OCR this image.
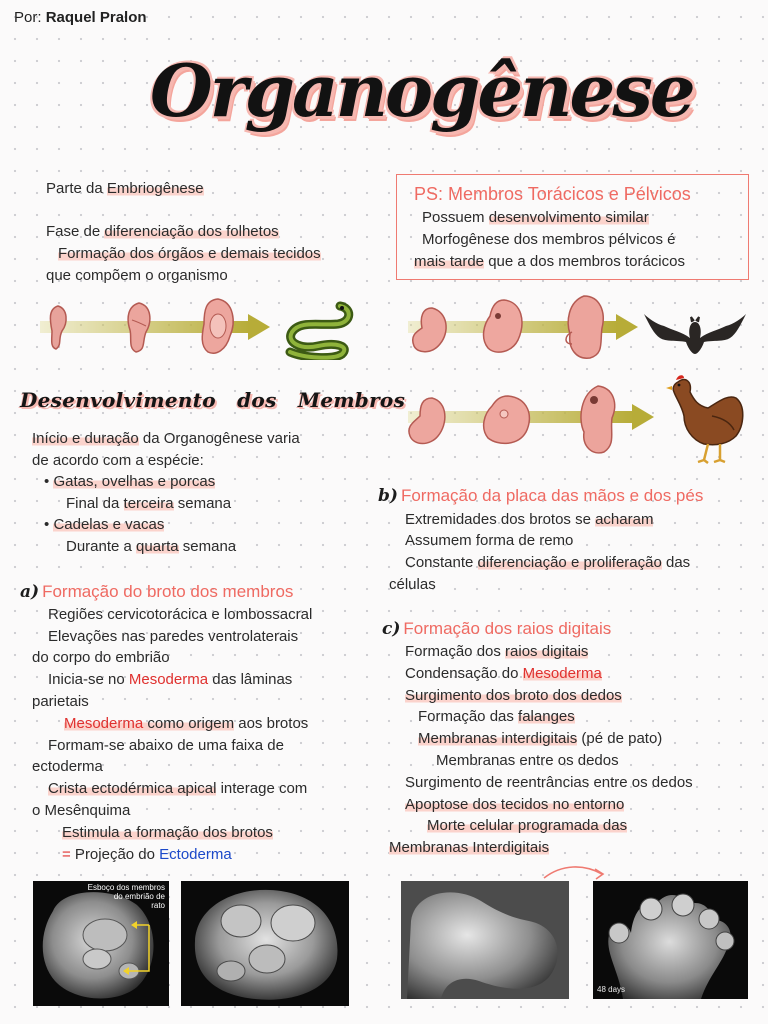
Por: Raquel Pralon
Organogênese
Parte da Embriogênese
Fase de diferenciação dos folhetos
Formação dos órgãos e demais tecidos
que compõem o organismo
PS: Membros Torácicos e Pélvicos
Possuem desenvolvimento similar
Morfogênese dos membros pélvicos é
mais tarde que a dos membros torácicos
Desenvolvimento dos Membros
Início e duração da Organogênese varia
de acordo com a espécie:
• Gatas, ovelhas e porcas
Final da terceira semana
• Cadelas e vacas
Durante a quarta semana
a) Formação do broto dos membros
Regiões cervicotorácica e lombossacral
Elevações nas paredes ventrolaterais
do corpo do embrião
Inicia-se no Mesoderma das lâminas
parietais
Mesoderma como origem aos brotos
Formam-se abaixo de uma faixa de
ectoderma
Crista ectodérmica apical interage com
o Mesênquima
Estimula a formação dos brotos
= Projeção do Ectoderma
b) Formação da placa das mãos e dos pés
Extremidades dos brotos se acharam
Assumem forma de remo
Constante diferenciação e proliferação das
células
c) Formação dos raios digitais
Formação dos raios digitais
Condensação do Mesoderma
Surgimento dos broto dos dedos
Formação das falanges
Membranas interdigitais (pé de pato)
Membranas entre os dedos
Surgimento de reentrâncias entre os dedos
Apoptose dos tecidos no entorno
Morte celular programada das
Membranas Interdigitais
Esboço dos membros
do embrião de
rato
48 days
